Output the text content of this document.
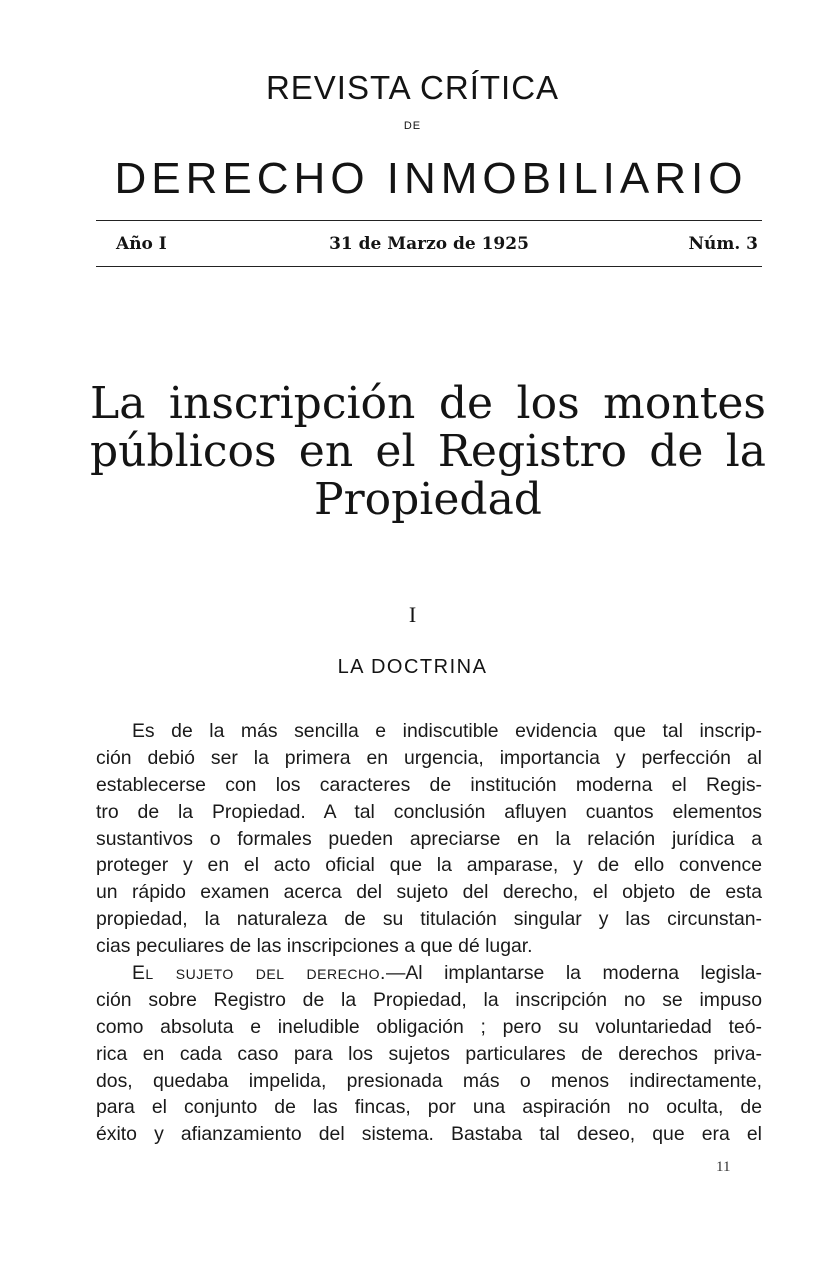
REVISTA CRÍTICA
DE
DERECHO INMOBILIARIO
Año I	31 de Marzo de 1925	Núm. 3
La inscripción de los montes
públicos en el Registro de la
Propiedad
I
LA DOCTRINA
Es de la más sencilla e indiscutible evidencia que tal inscrip-
ción debió ser la primera en urgencia, importancia y perfección al
establecerse con los caracteres de institución moderna el Regis-
tro de la Propiedad. A tal conclusión afluyen cuantos elementos
sustantivos o formales pueden apreciarse en la relación jurídica a
proteger y en el acto oficial que la amparase, y de ello convence
un rápido examen acerca del sujeto del derecho, el objeto de esta
propiedad, la naturaleza de su titulación singular y las circunstan-
cias peculiares de las inscripciones a que dé lugar.
El sujeto del derecho.—Al implantarse la moderna legisla-
ción sobre Registro de la Propiedad, la inscripción no se impuso
como absoluta e ineludible obligación ; pero su voluntariedad teó-
rica en cada caso para los sujetos particulares de derechos priva-
dos, quedaba impelida, presionada más o menos indirectamente,
para el conjunto de las fincas, por una aspiración no oculta, de
éxito y afianzamiento del sistema. Bastaba tal deseo, que era el
11
